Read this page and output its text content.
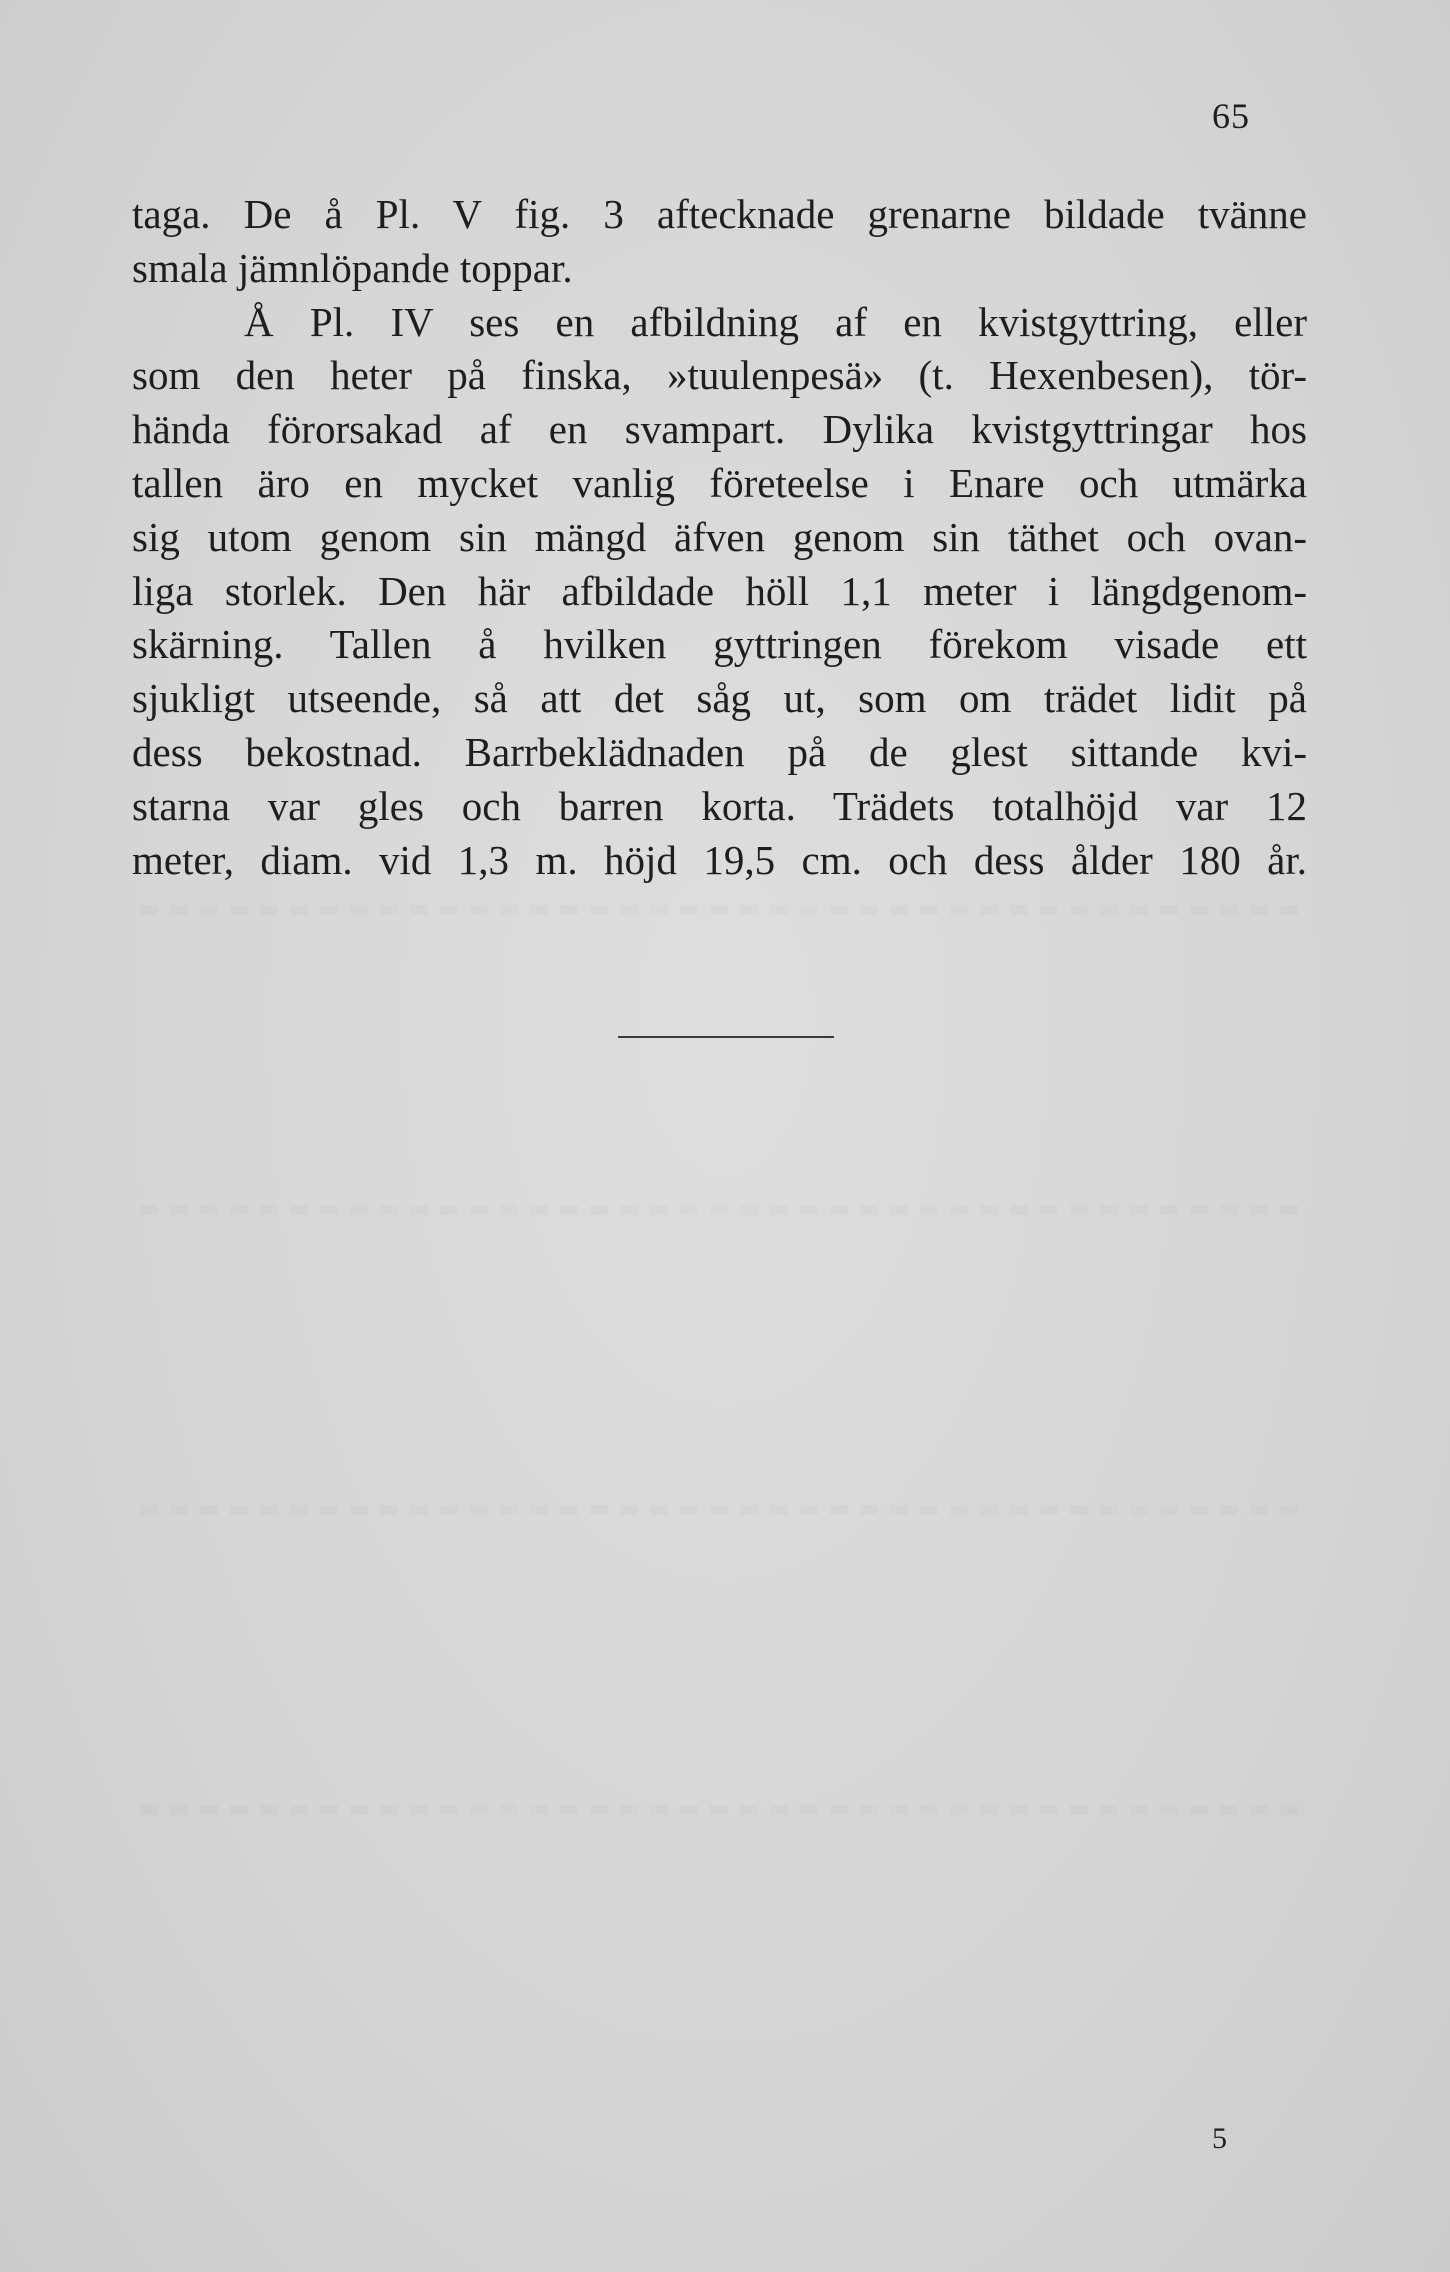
65
taga. De å Pl. V fig. 3 aftecknade grenarne bildade tvänne
smala jämnlöpande toppar.
Å Pl. IV ses en afbildning af en kvistgyttring, eller
som den heter på finska, »tuulenpesä» (t. Hexenbesen), tör-
hända förorsakad af en svampart. Dylika kvistgyttringar hos
tallen äro en mycket vanlig företeelse i Enare och utmärka
sig utom genom sin mängd äfven genom sin täthet och ovan-
liga storlek. Den här afbildade höll 1,1 meter i längdgenom-
skärning. Tallen å hvilken gyttringen förekom visade ett
sjukligt utseende, så att det såg ut, som om trädet lidit på
dess bekostnad. Barrbeklädnaden på de glest sittande kvi-
starna var gles och barren korta. Trädets totalhöjd var 12
meter, diam. vid 1,3 m. höjd 19,5 cm. och dess ålder 180 år.
5
